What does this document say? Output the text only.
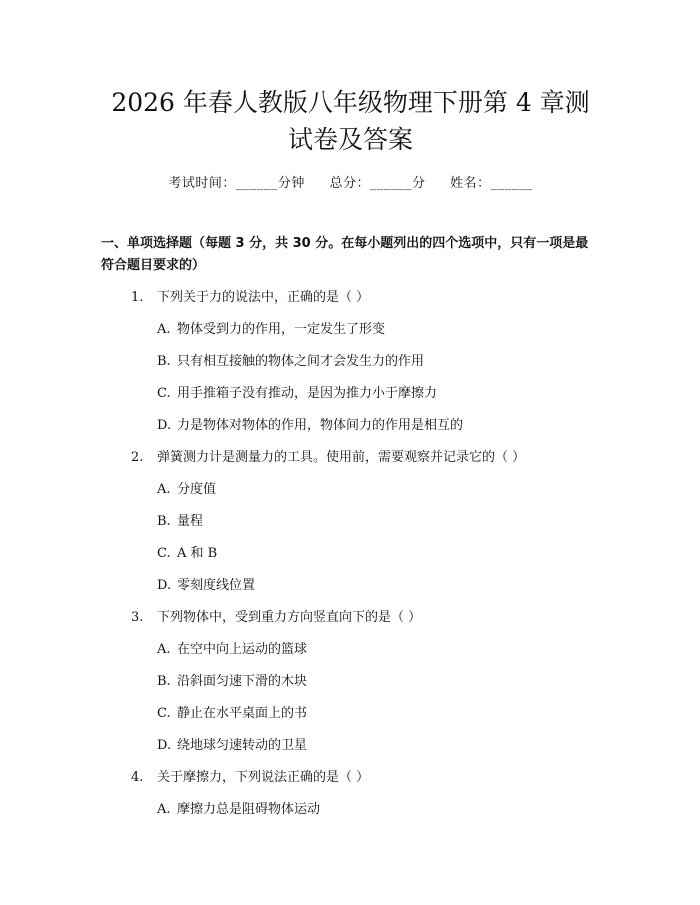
2026 年春人教版八年级物理下册第 4 章测试卷及答案
考试时间：______分钟 总分：______分 姓名：______
一、单项选择题（每题 3 分，共 30 分。在每小题列出的四个选项中，只有一项是最符合题目要求的）
1.	下列关于力的说法中，正确的是（ ）
A. 物体受到力的作用，一定发生了形变
B. 只有相互接触的物体之间才会发生力的作用
C. 用手推箱子没有推动，是因为推力小于摩擦力
D. 力是物体对物体的作用，物体间力的作用是相互的
2.	弹簧测力计是测量力的工具。使用前，需要观察并记录它的（ ）
A. 分度值
B. 量程
C. A 和 B
D. 零刻度线位置
3.	下列物体中，受到重力方向竖直向下的是（ ）
A. 在空中向上运动的篮球
B. 沿斜面匀速下滑的木块
C. 静止在水平桌面上的书
D. 绕地球匀速转动的卫星
4.	关于摩擦力，下列说法正确的是（ ）
A. 摩擦力总是阻碍物体运动
